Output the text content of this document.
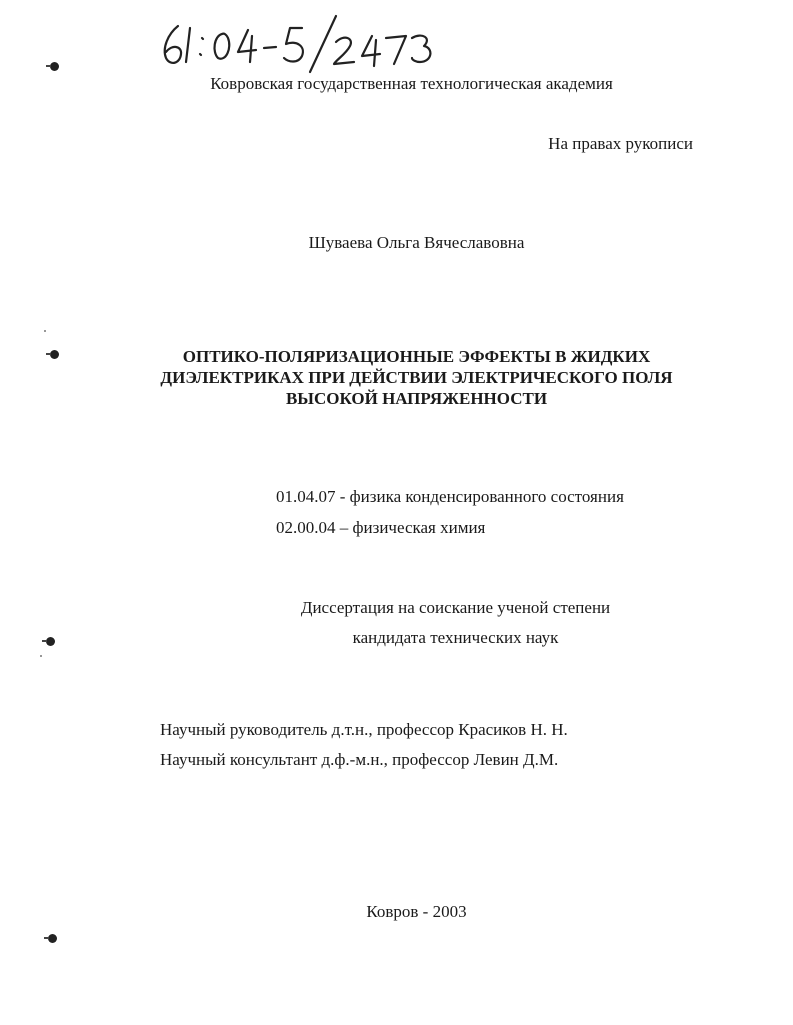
Ковровская государственная технологическая академия
На правах рукописи
Шуваева Ольга Вячеславовна
ОПТИКО-ПОЛЯРИЗАЦИОННЫЕ ЭФФЕКТЫ В ЖИДКИХ
ДИЭЛЕКТРИКАХ ПРИ ДЕЙСТВИИ ЭЛЕКТРИЧЕСКОГО ПОЛЯ
ВЫСОКОЙ НАПРЯЖЕННОСТИ
01.04.07 - физика конденсированного состояния
02.00.04 – физическая химия
Диссертация на соискание ученой степени
кандидата технических наук
Научный руководитель д.т.н., профессор Красиков Н. Н.
Научный консультант д.ф.-м.н., профессор Левин Д.М.
Ковров - 2003
